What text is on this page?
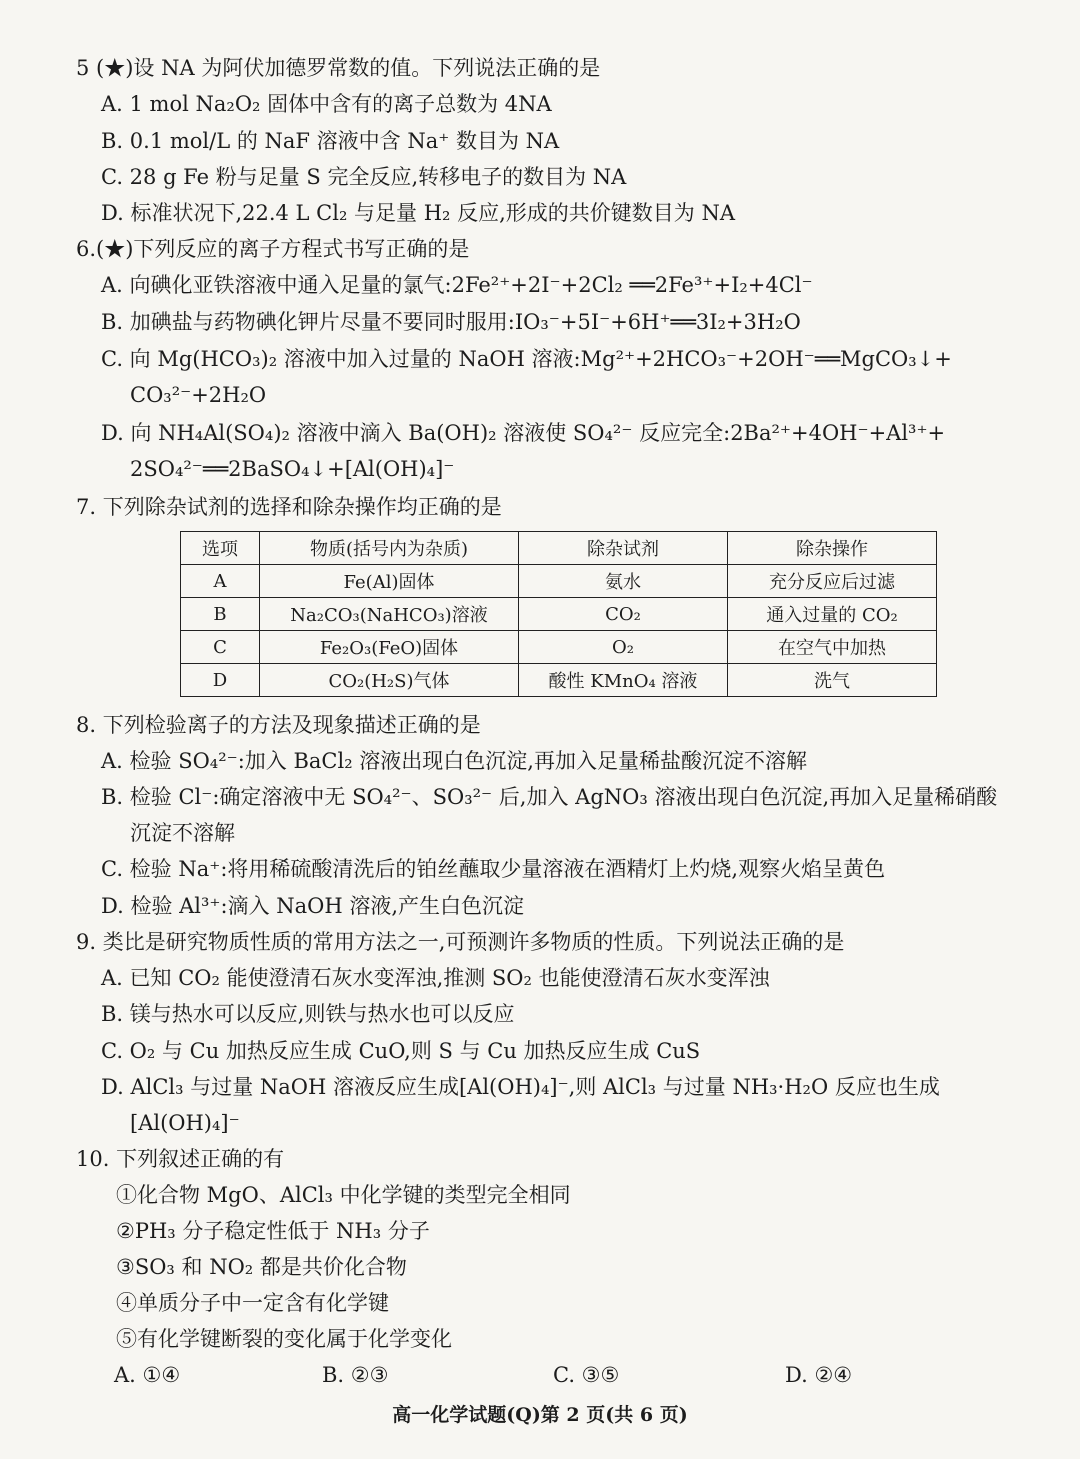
5 (★)设 NA 为阿伏加德罗常数的值。下列说法正确的是
A. 1 mol Na₂O₂ 固体中含有的离子总数为 4NA
B. 0.1 mol/L 的 NaF 溶液中含 Na⁺ 数目为 NA
C. 28 g Fe 粉与足量 S 完全反应,转移电子的数目为 NA
D. 标准状况下,22.4 L Cl₂ 与足量 H₂ 反应,形成的共价键数目为 NA
6.(★)下列反应的离子方程式书写正确的是
A. 向碘化亚铁溶液中通入足量的氯气:2Fe²⁺+2I⁻+2Cl₂ ══2Fe³⁺+I₂+4Cl⁻
B. 加碘盐与药物碘化钾片尽量不要同时服用:IO₃⁻+5I⁻+6H⁺══3I₂+3H₂O
C. 向 Mg(HCO₃)₂ 溶液中加入过量的 NaOH 溶液:Mg²⁺+2HCO₃⁻+2OH⁻══MgCO₃↓+
CO₃²⁻+2H₂O
D. 向 NH₄Al(SO₄)₂ 溶液中滴入 Ba(OH)₂ 溶液使 SO₄²⁻ 反应完全:2Ba²⁺+4OH⁻+Al³⁺+
2SO₄²⁻══2BaSO₄↓+[Al(OH)₄]⁻
7. 下列除杂试剂的选择和除杂操作均正确的是
选项	物质(括号内为杂质)	除杂试剂	除杂操作
A	Fe(Al)固体	氨水	充分反应后过滤
B	Na₂CO₃(NaHCO₃)溶液	CO₂	通入过量的 CO₂
C	Fe₂O₃(FeO)固体	O₂	在空气中加热
D	CO₂(H₂S)气体	酸性 KMnO₄ 溶液	洗气
8. 下列检验离子的方法及现象描述正确的是
A. 检验 SO₄²⁻:加入 BaCl₂ 溶液出现白色沉淀,再加入足量稀盐酸沉淀不溶解
B. 检验 Cl⁻:确定溶液中无 SO₄²⁻、SO₃²⁻ 后,加入 AgNO₃ 溶液出现白色沉淀,再加入足量稀硝酸
沉淀不溶解
C. 检验 Na⁺:将用稀硫酸清洗后的铂丝蘸取少量溶液在酒精灯上灼烧,观察火焰呈黄色
D. 检验 Al³⁺:滴入 NaOH 溶液,产生白色沉淀
9. 类比是研究物质性质的常用方法之一,可预测许多物质的性质。下列说法正确的是
A. 已知 CO₂ 能使澄清石灰水变浑浊,推测 SO₂ 也能使澄清石灰水变浑浊
B. 镁与热水可以反应,则铁与热水也可以反应
C. O₂ 与 Cu 加热反应生成 CuO,则 S 与 Cu 加热反应生成 CuS
D. AlCl₃ 与过量 NaOH 溶液反应生成[Al(OH)₄]⁻,则 AlCl₃ 与过量 NH₃·H₂O 反应也生成
[Al(OH)₄]⁻
10. 下列叙述正确的有
①化合物 MgO、AlCl₃ 中化学键的类型完全相同
②PH₃ 分子稳定性低于 NH₃ 分子
③SO₃ 和 NO₂ 都是共价化合物
④单质分子中一定含有化学键
⑤有化学键断裂的变化属于化学变化
A. ①④	B. ②③	C. ③⑤	D. ②④
高一化学试题(Q)第 2 页(共 6 页)
